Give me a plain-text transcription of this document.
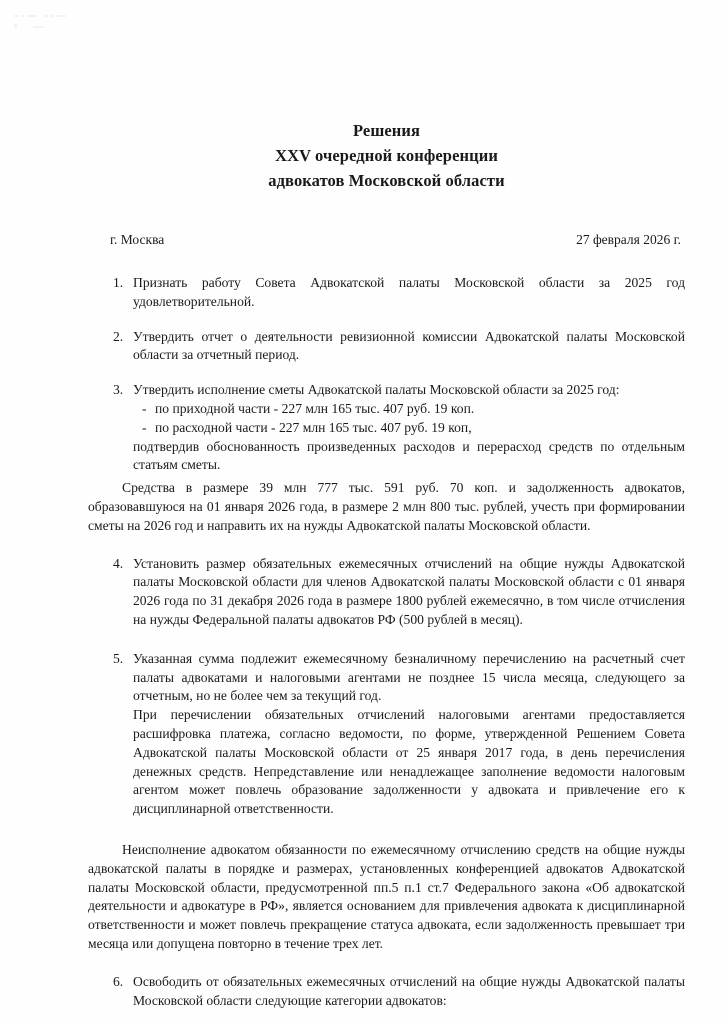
Решения
XXV очередной конференции
адвокатов Московской области
г. Москва	27 февраля 2026 г.
1. Признать работу Совета Адвокатской палаты Московской области за 2025 год удовлетворительной.

2. Утвердить отчет о деятельности ревизионной комиссии Адвокатской палаты Московской области за отчетный период.

3. Утвердить исполнение сметы Адвокатской палаты Московской области за 2025 год:

- по приходной части - 227 млн 165 тыс. 407 руб. 19 коп.
- по расходной части - 227 млн 165 тыс. 407 руб. 19 коп,

подтвердив обоснованность произведенных расходов и перерасход средств по отдельным статьям сметы.

Средства в размере 39 млн 777 тыс. 591 руб. 70 коп. и задолженность адвокатов, образовавшуюся на 01 января 2026 года, в размере 2 млн 800 тыс. рублей, учесть при формировании сметы на 2026 год и направить их на нужды Адвокатской палаты Московской области.

4. Установить размер обязательных ежемесячных отчислений на общие нужды Адвокатской палаты Московской области для членов Адвокатской палаты Московской области с 01 января 2026 года по 31 декабря 2026 года в размере 1800 рублей ежемесячно, в том числе отчисления на нужды Федеральной палаты адвокатов РФ (500 рублей в месяц).

5. Указанная сумма подлежит ежемесячному безналичному перечислению на расчетный счет палаты адвокатами и налоговыми агентами не позднее 15 числа месяца, следующего за отчетным, но не более чем за текущий год.

При перечислении обязательных отчислений налоговыми агентами предоставляется расшифровка платежа, согласно ведомости, по форме, утвержденной Решением Совета Адвокатской палаты Московской области от 25 января 2017 года, в день перечисления денежных средств. Непредставление или ненадлежащее заполнение ведомости налоговым агентом может повлечь образование задолженности у адвоката и привлечение его к дисциплинарной ответственности.

Неисполнение адвокатом обязанности по ежемесячному отчислению средств на общие нужды адвокатской палаты в порядке и размерах, установленных конференцией адвокатов Адвокатской палаты Московской области, предусмотренной пп.5 п.1 ст.7 Федерального закона «Об адвокатской деятельности и адвокатуре в РФ», является основанием для привлечения адвоката к дисциплинарной ответственности и может повлечь прекращение статуса адвоката, если задолженность превышает три месяца или допущена повторно в течение трех лет.

6. Освободить от обязательных ежемесячных отчислений на общие нужды Адвокатской палаты Московской области следующие категории адвокатов:
